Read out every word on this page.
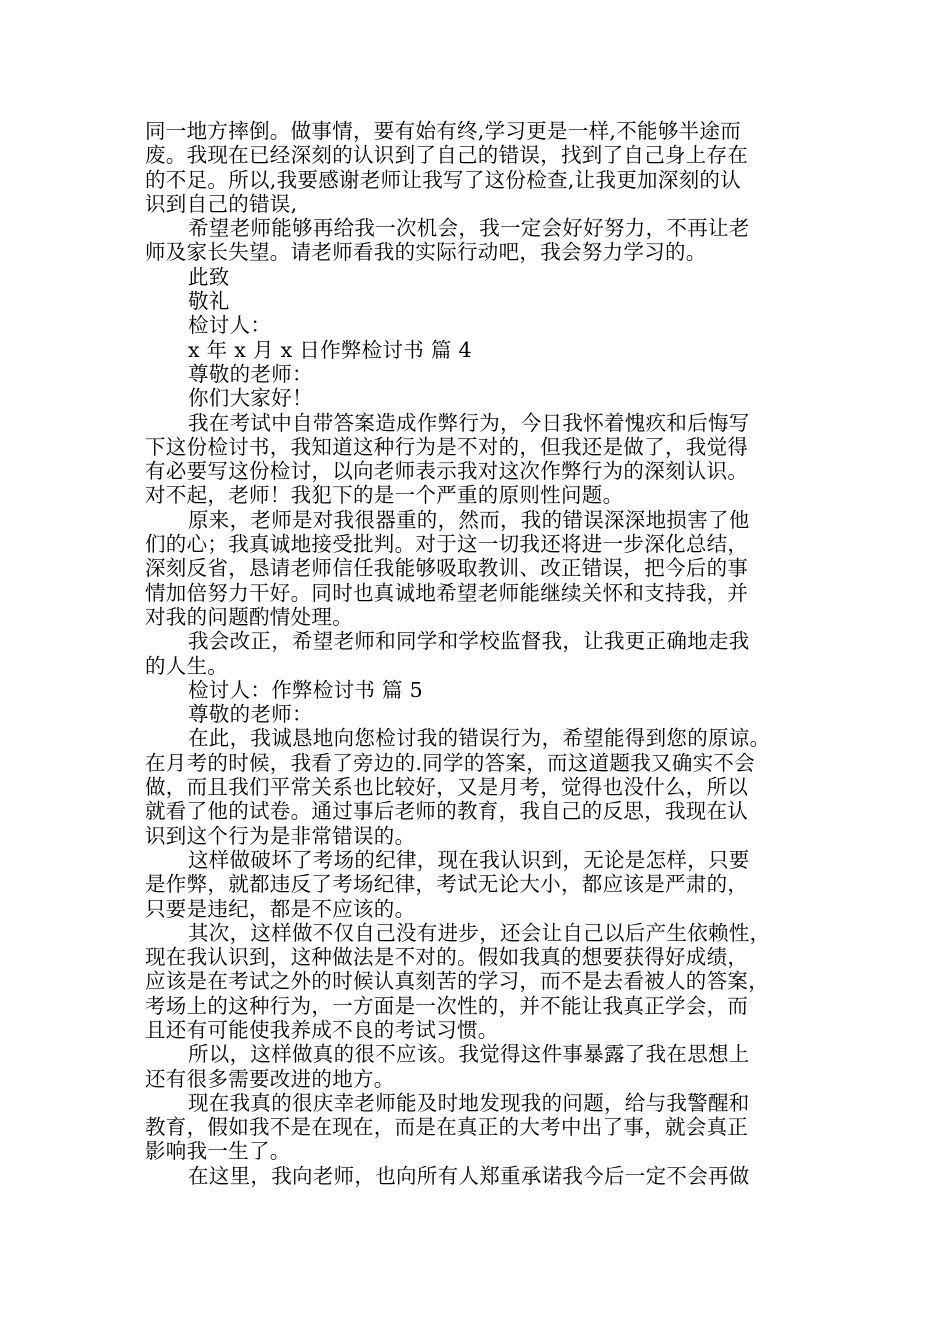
同一地方摔倒。做事情，要有始有终,学习更是一样,不能够半途而
废。我现在已经深刻的认识到了自己的错误，找到了自己身上存在
的不足。所以,我要感谢老师让我写了这份检查,让我更加深刻的认
识到自己的错误,
希望老师能够再给我一次机会，我一定会好好努力，不再让老
师及家长失望。请老师看我的实际行动吧，我会努力学习的。
此致
敬礼
检讨人：
x 年 x 月 x 日作弊检讨书 篇 4
尊敬的老师：
你们大家好！
我在考试中自带答案造成作弊行为，今日我怀着愧疚和后悔写
下这份检讨书，我知道这种行为是不对的，但我还是做了，我觉得
有必要写这份检讨，以向老师表示我对这次作弊行为的深刻认识。
对不起，老师！我犯下的是一个严重的原则性问题。
原来，老师是对我很器重的，然而，我的错误深深地损害了他
们的心；我真诚地接受批判。对于这一切我还将进一步深化总结，
深刻反省，恳请老师信任我能够吸取教训、改正错误，把今后的事
情加倍努力干好。同时也真诚地希望老师能继续关怀和支持我，并
对我的问题酌情处理。
我会改正，希望老师和同学和学校监督我，让我更正确地走我
的人生。
检讨人：作弊检讨书 篇 5
尊敬的老师：
在此，我诚恳地向您检讨我的错误行为，希望能得到您的原谅。
在月考的时候，我看了旁边的.同学的答案，而这道题我又确实不会
做，而且我们平常关系也比较好，又是月考，觉得也没什么，所以
就看了他的试卷。通过事后老师的教育，我自己的反思，我现在认
识到这个行为是非常错误的。
这样做破坏了考场的纪律，现在我认识到，无论是怎样，只要
是作弊，就都违反了考场纪律，考试无论大小，都应该是严肃的，
只要是违纪，都是不应该的。
其次，这样做不仅自己没有进步，还会让自己以后产生依赖性，
现在我认识到，这种做法是不对的。假如我真的想要获得好成绩，
应该是在考试之外的时候认真刻苦的学习，而不是去看被人的答案，
考场上的这种行为，一方面是一次性的，并不能让我真正学会，而
且还有可能使我养成不良的考试习惯。
所以，这样做真的很不应该。我觉得这件事暴露了我在思想上
还有很多需要改进的地方。
现在我真的很庆幸老师能及时地发现我的问题，给与我警醒和
教育，假如我不是在现在，而是在真正的大考中出了事，就会真正
影响我一生了。
在这里，我向老师，也向所有人郑重承诺我今后一定不会再做
